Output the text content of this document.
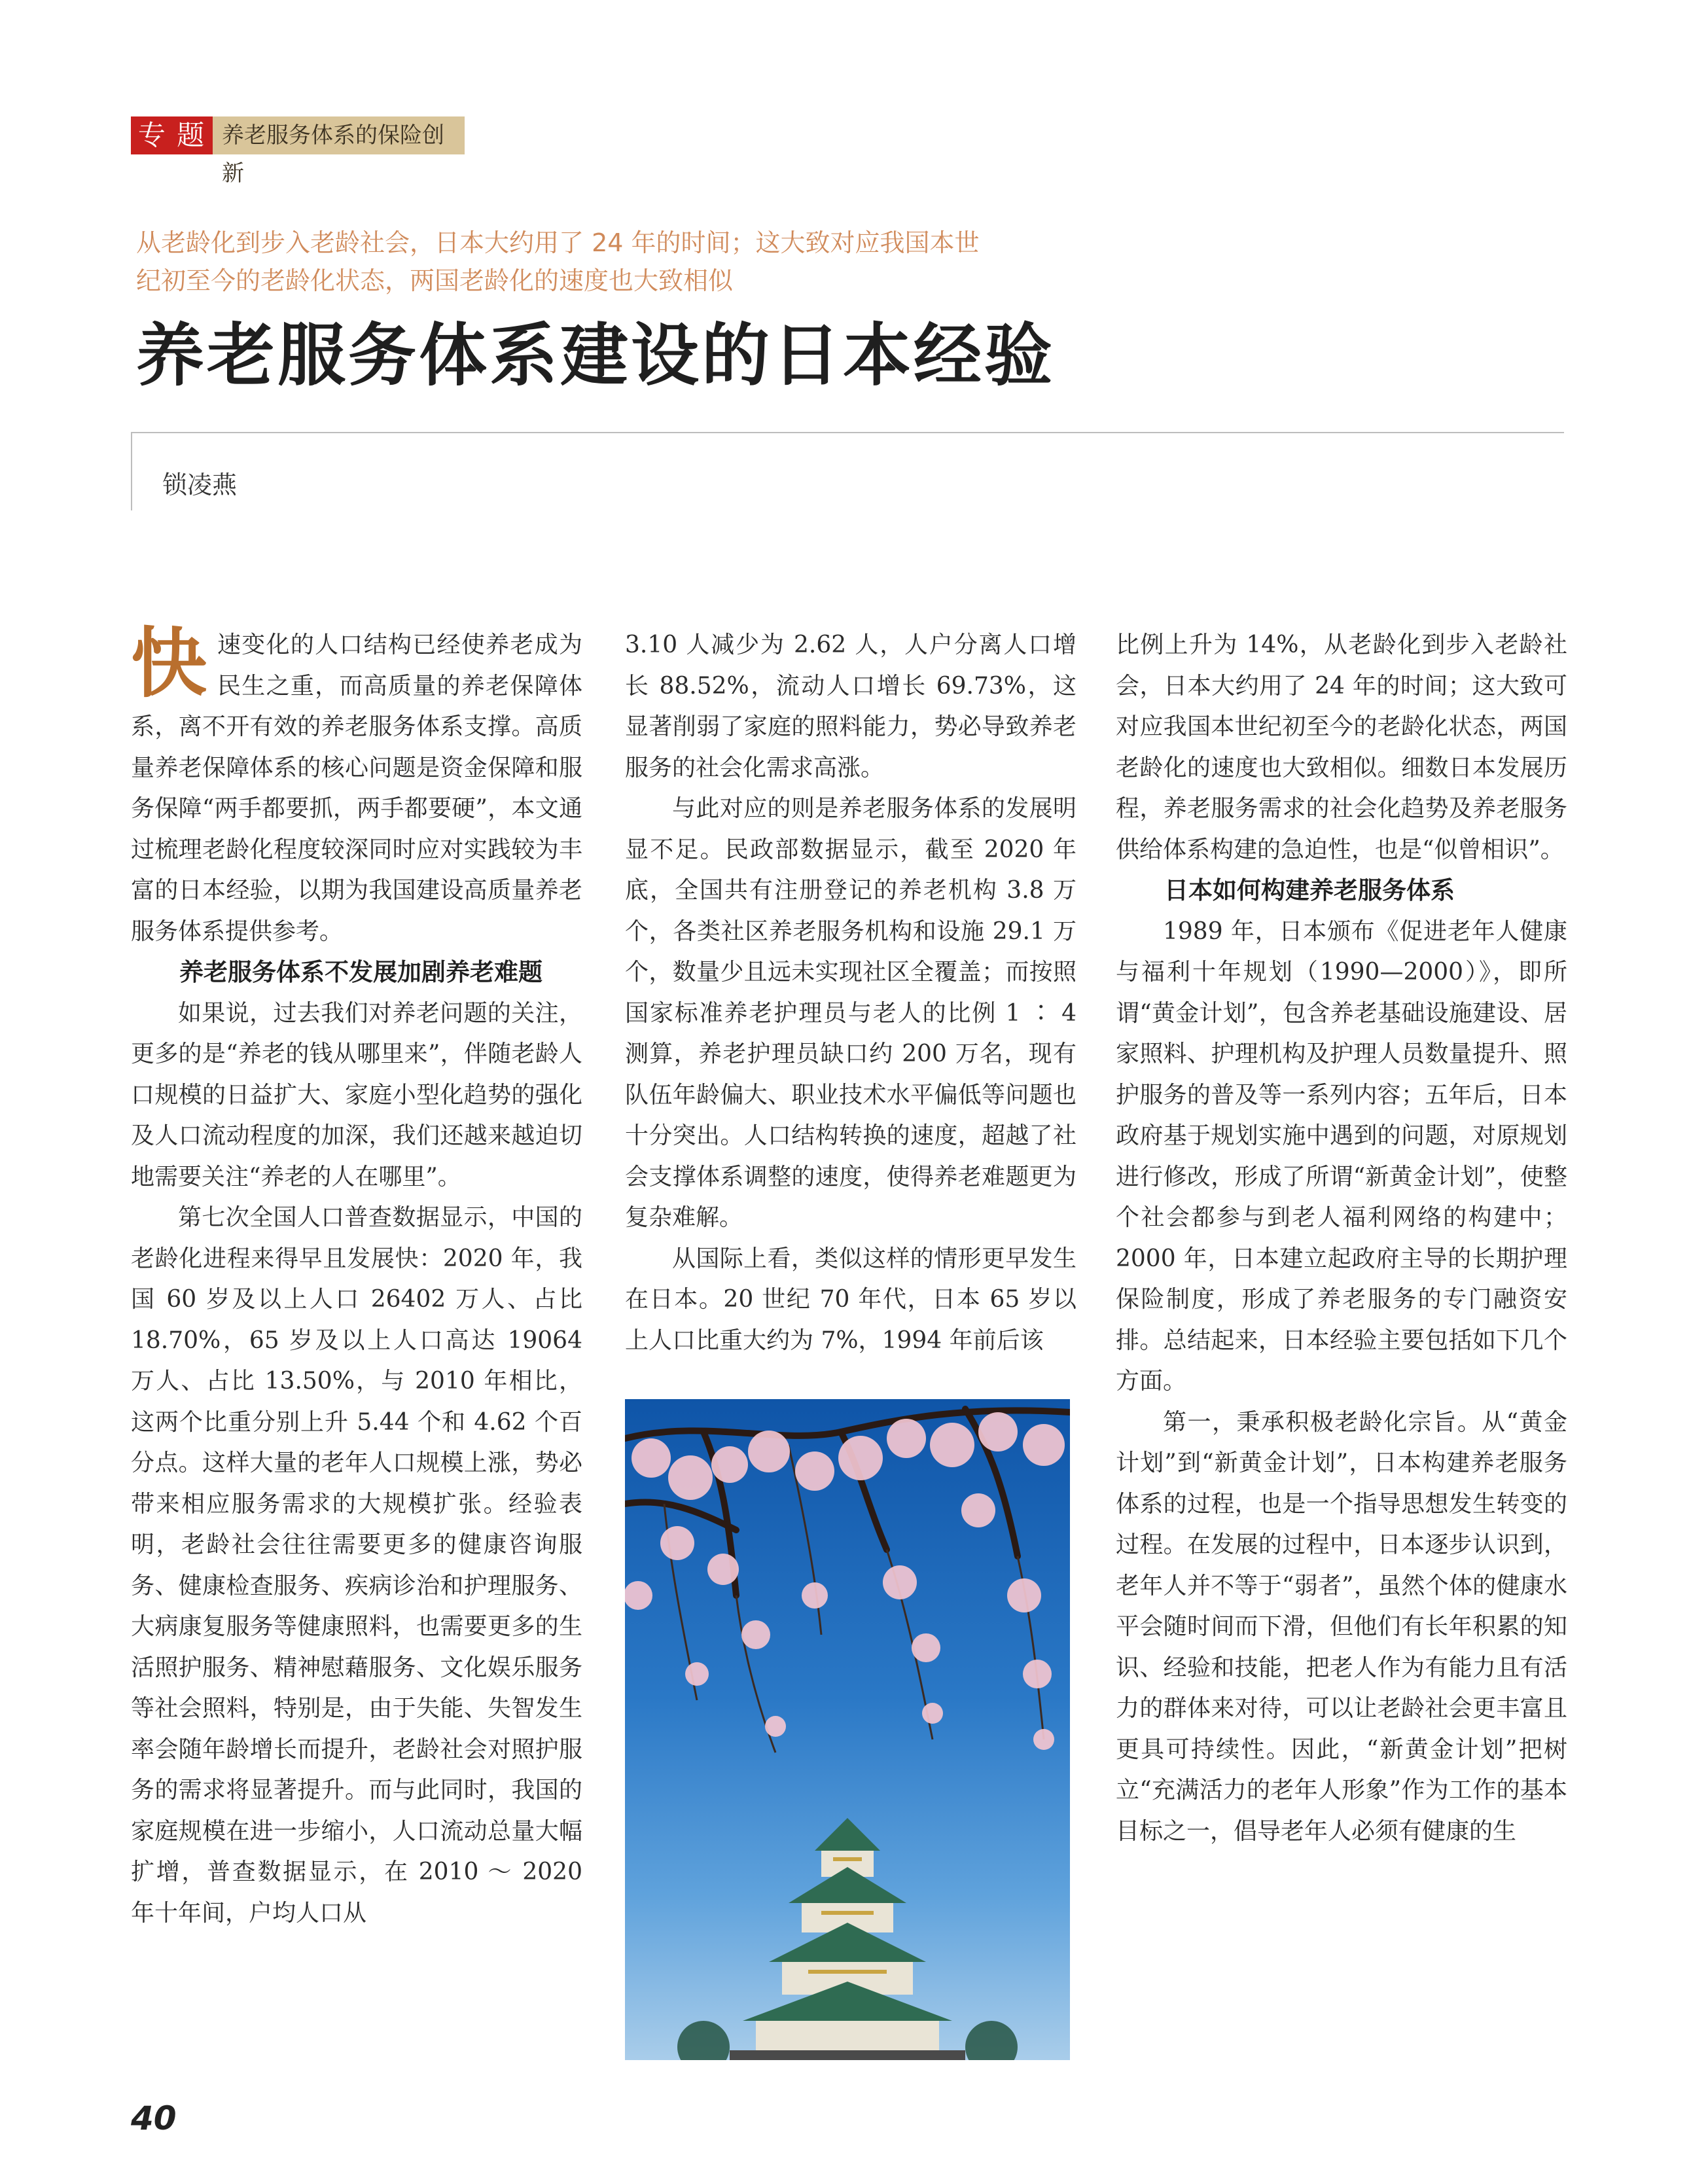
专 题 养老服务体系的保险创新
从老龄化到步入老龄社会，日本大约用了 24 年的时间；这大致对应我国本世
纪初至今的老龄化状态，两国老龄化的速度也大致相似
养老服务体系建设的日本经验
锁凌燕
快 速变化的人口结构已经使养老成为民生之重，而高质量的养老保障体系，离不开有效的养老服务体系支撑。高质量养老保障体系的核心问题是资金保障和服务保障“两手都要抓，两手都要硬”，本文通过梳理老龄化程度较深同时应对实践较为丰富的日本经验，以期为我国建设高质量养老服务体系提供参考。

养老服务体系不发展加剧养老难题

如果说，过去我们对养老问题的关注，更多的是“养老的钱从哪里来”，伴随老龄人口规模的日益扩大、家庭小型化趋势的强化及人口流动程度的加深，我们还越来越迫切地需要关注“养老的人在哪里”。

第七次全国人口普查数据显示，中国的老龄化进程来得早且发展快：2020 年，我国 60 岁及以上人口 26402 万人、占比 18.70%，65 岁及以上人口高达 19064 万人、占比 13.50%，与 2010 年相比，这两个比重分别上升 5.44 个和 4.62 个百分点。这样大量的老年人口规模上涨，势必带来相应服务需求的大规模扩张。经验表明，老龄社会往往需要更多的健康咨询服务、健康检查服务、疾病诊治和护理服务、大病康复服务等健康照料，也需要更多的生活照护服务、精神慰藉服务、文化娱乐服务等社会照料，特别是，由于失能、失智发生率会随年龄增长而提升，老龄社会对照护服务的需求将显著提升。而与此同时，我国的家庭规模在进一步缩小，人口流动总量大幅扩增，普查数据显示，在 2010 ～ 2020 年十年间，户均人口从

3.10 人减少为 2.62 人，人户分离人口增长 88.52%，流动人口增长 69.73%，这显著削弱了家庭的照料能力，势必导致养老服务的社会化需求高涨。

与此对应的则是养老服务体系的发展明显不足。民政部数据显示，截至 2020 年底，全国共有注册登记的养老机构 3.8 万个，各类社区养老服务机构和设施 29.1 万个，数量少且远未实现社区全覆盖；而按照国家标准养老护理员与老人的比例 1 ∶ 4 测算，养老护理员缺口约 200 万名，现有队伍年龄偏大、职业技术水平偏低等问题也十分突出。人口结构转换的速度，超越了社会支撑体系调整的速度，使得养老难题更为复杂难解。

从国际上看，类似这样的情形更早发生在日本。20 世纪 70 年代，日本 65 岁以上人口比重大约为 7%，1994 年前后该

比例上升为 14%，从老龄化到步入老龄社会，日本大约用了 24 年的时间；这大致可对应我国本世纪初至今的老龄化状态，两国老龄化的速度也大致相似。细数日本发展历程，养老服务需求的社会化趋势及养老服务供给体系构建的急迫性，也是“似曾相识”。

日本如何构建养老服务体系

1989 年，日本颁布《促进老年人健康与福利十年规划（1990—2000）》，即所谓“黄金计划”，包含养老基础设施建设、居家照料、护理机构及护理人员数量提升、照护服务的普及等一系列内容；五年后，日本政府基于规划实施中遇到的问题，对原规划进行修改，形成了所谓“新黄金计划”，使整个社会都参与到老人福利网络的构建中；2000 年，日本建立起政府主导的长期护理保险制度，形成了养老服务的专门融资安排。总结起来，日本经验主要包括如下几个方面。

第一，秉承积极老龄化宗旨。从“黄金计划”到“新黄金计划”，日本构建养老服务体系的过程，也是一个指导思想发生转变的过程。在发展的过程中，日本逐步认识到，老年人并不等于“弱者”，虽然个体的健康水平会随时间而下滑，但他们有长年积累的知识、经验和技能，把老人作为有能力且有活力的群体来对待，可以让老龄社会更丰富且更具可持续性。因此，“新黄金计划”把树立“充满活力的老年人形象”作为工作的基本目标之一，倡导老年人必须有健康的生

40
